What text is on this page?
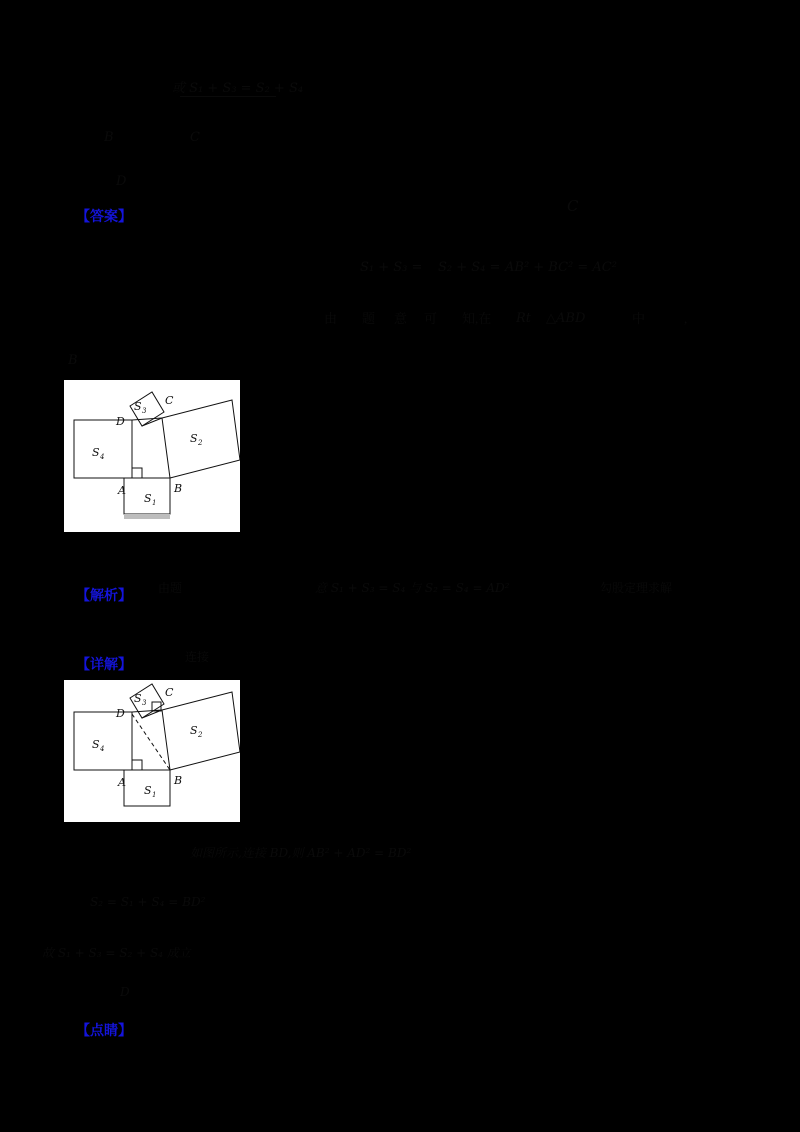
或 S₁ + S₃ = S₂ + S₄
B	C
D
【答案】
C
S₁ + S₃ = S₂ + S₄ = AB² + BC² = AC²
由 题 意 可 知,在 Rt △ABD	中	,
B
S 3
C
D
S 2
S 4
A
S 1
B
【解析】
由题	意 S₁ + S₃ = S₄ 与 S₂ = S₄ = AD²	勾股定理求解
【详解】
连接
S 3
C
D
S 2
S 4
A
S 1
B
如图所示,连接 BD,则 AB² + AD² = BD²
S₂ = S₁ + S₄ = BD²
故 S₁ + S₃ = S₂ + S₄ 成立
D
【点睛】
